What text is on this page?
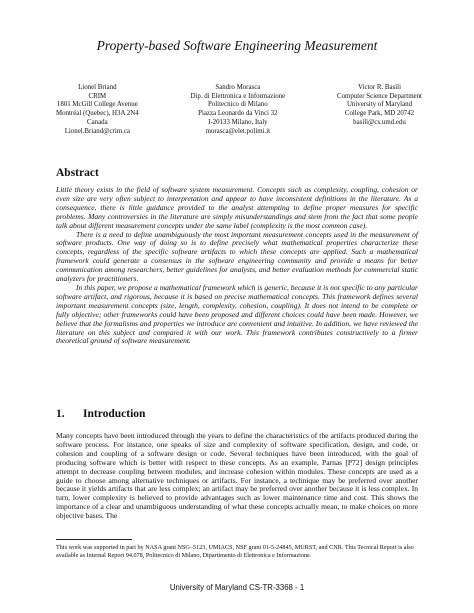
Property-based Software Engineering Measurement
Lionel Briand
CRIM
1801 McGill College Avenue
Montréal (Quebec), H3A 2N4
Canada
Lionel.Briand@crim.ca
Sandro Morasca
Dip. di Elettronica e Informazione
Politecnico di Milano
Piazza Leonardo da Vinci 32
I-20133 Milano, Italy
morasca@elet.polimi.it
Victor R. Basili
Computer Science Department
University of Maryland
College Park, MD 20742
basili@cs.umd.edu
Abstract

Little theory exists in the field of software system measurement. Concepts such as complexity, coupling, cohesion or even size are very often subject to interpretation and appear to have inconsistent definitions in the literature. As a consequence, there is little guidance provided to the analyst attempting to define proper measures for specific problems. Many controversies in the literature are simply misunderstandings and stem from the fact that some people talk about different measurement concepts under the same label (complexity is the most common case).

There is a need to define unambiguously the most important measurement concepts used in the measurement of software products. One way of doing so is to define precisely what mathematical properties characterize these concepts, regardless of the specific software artifacts to which these concepts are applied. Such a mathematical framework could generate a consensus in the software engineering community and provide a means for better communication among researchers, better guidelines for analysts, and better evaluation methods for commercial static analyzers for practitioners.

In this paper, we propose a mathematical framework which is generic, because it is not specific to any particular software artifact, and rigorous, because it is based on precise mathematical concepts. This framework defines several important measurement concepts (size, length, complexity, cohesion, coupling). It does not intend to be complete or fully objective; other frameworks could have been proposed and different choices could have been made. However, we believe that the formalisms and properties we introduce are convenient and intuitive. In addition, we have reviewed the literature on this subject and compared it with our work. This framework contributes constructively to a firmer theoretical ground of software measurement.

1. Introduction

Many concepts have been introduced through the years to define the characteristics of the artifacts produced during the software process. For instance, one speaks of size and complexity of software specification, design, and code, or cohesion and coupling of a software design or code. Several techniques have been introduced, with the goal of producing software which is better with respect to these concepts. As an example, Parnas [P72] design principles attempt to decrease coupling between modules, and increase cohesion within modules. These concepts are used as a guide to choose among alternative techniques or artifacts. For instance, a technique may be preferred over another because it yields artifacts that are less complex; an artifact may be preferred over another because it is less complex. In turn, lower complexity is believed to provide advantages such as lower maintenance time and cost. This shows the importance of a clear and unambiguous understanding of what these concepts actually mean, to make choices on more objective bases. The

This work was supported in part by NASA grant NSG–5123, UMIACS, NSF grant 01-5-24845, MURST, and CNR. This Tecnical Report is also available as Internal Report 94.078, Politecnico di Milano, Dipartimento di Elettronica e Informazione.

University of Maryland CS-TR-3368 - 1
